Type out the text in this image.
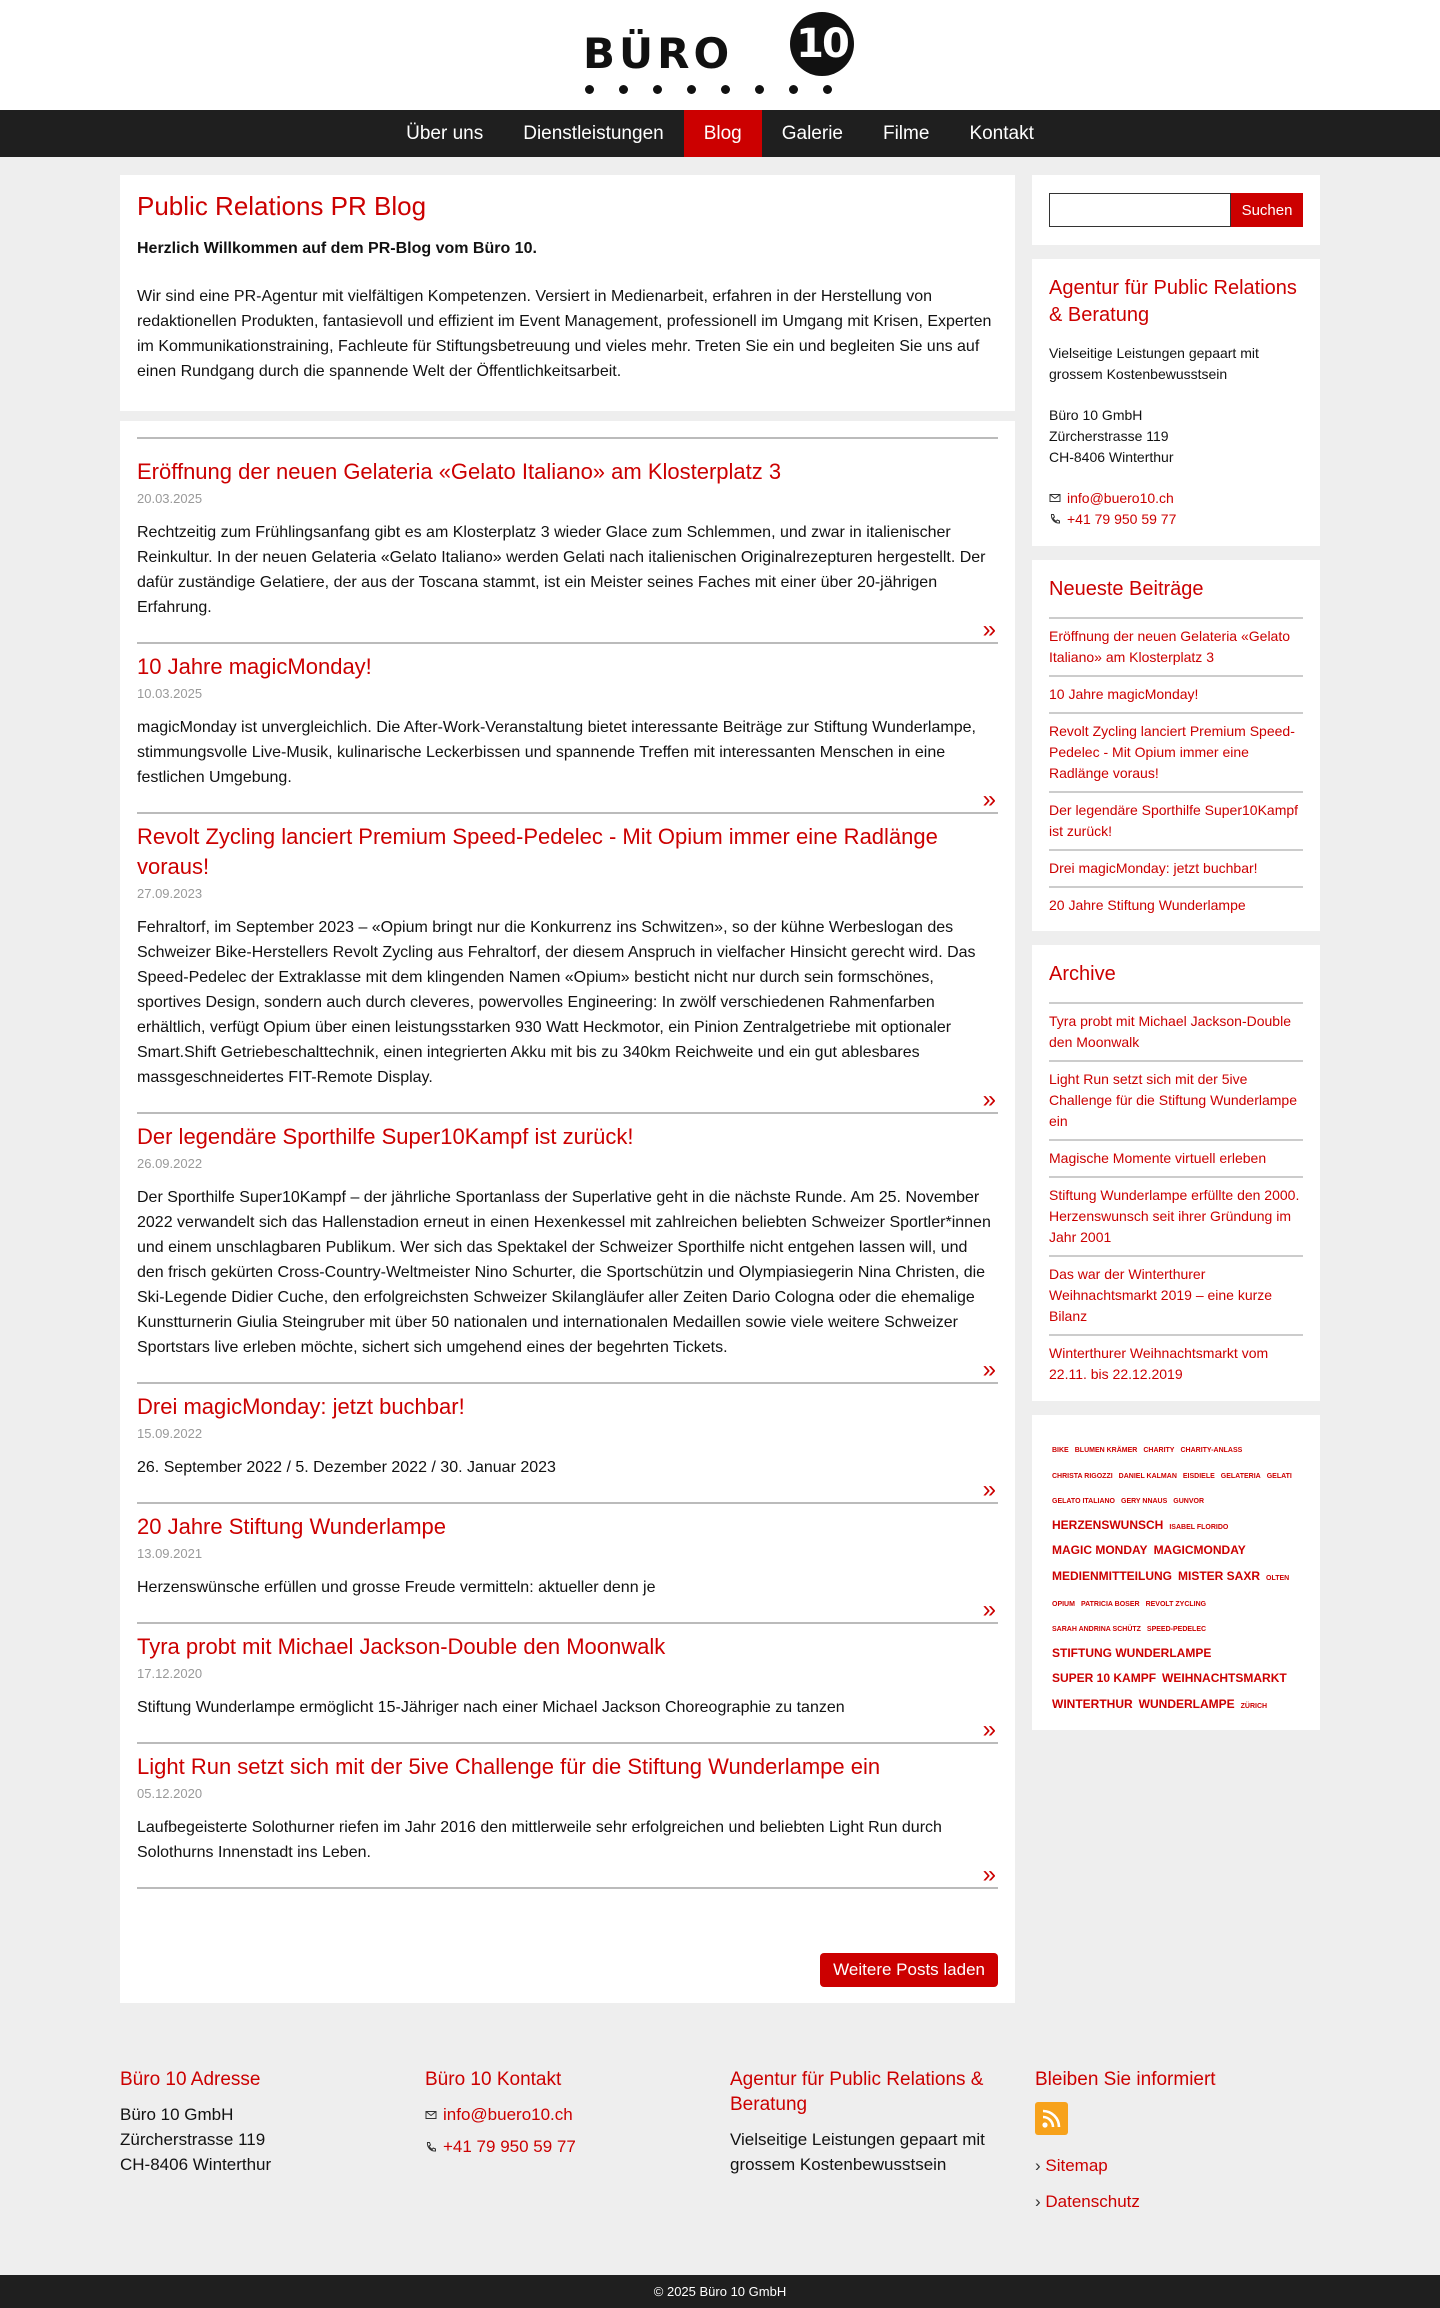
BÜRO 10
Über uns	Dienstleistungen	Blog	Galerie	Filme	Kontakt
Public Relations PR Blog

Herzlich Willkommen auf dem PR-Blog vom Büro 10.

Wir sind eine PR-Agentur mit vielfältigen Kompetenzen. Versiert in Medienarbeit, erfahren in der Herstellung von redaktionellen Produkten, fantasievoll und effizient im Event Management, professionell im Umgang mit Krisen, Experten im Kommunikationstraining, Fachleute für Stiftungsbetreuung und vieles mehr. Treten Sie ein und begleiten Sie uns auf einen Rundgang durch die spannende Welt der Öffentlichkeitsarbeit.

Eröffnung der neuen Gelateria «Gelato Italiano» am Klosterplatz 3
20.03.2025

Rechtzeitig zum Frühlingsanfang gibt es am Klosterplatz 3 wieder Glace zum Schlemmen, und zwar in italienischer Reinkultur. In der neuen Gelateria «Gelato Italiano» werden Gelati nach italienischen Originalrezepturen hergestellt. Der dafür zuständige Gelatiere, der aus der Toscana stammt, ist ein Meister seines Faches mit einer über 20-jährigen Erfahrung.

»
10 Jahre magicMonday!
10.03.2025

magicMonday ist unvergleichlich. Die After-Work-Veranstaltung bietet interessante Beiträge zur Stiftung Wunderlampe, stimmungsvolle Live-Musik, kulinarische Leckerbissen und spannende Treffen mit interessanten Menschen in eine festlichen Umgebung.

»
Revolt Zycling lanciert Premium Speed-Pedelec - Mit Opium immer eine Radlänge voraus!
27.09.2023

Fehraltorf, im September 2023 – «Opium bringt nur die Konkurrenz ins Schwitzen», so der kühne Werbeslogan des Schweizer Bike-Herstellers Revolt Zycling aus Fehraltorf, der diesem Anspruch in vielfacher Hinsicht gerecht wird. Das Speed-Pedelec der Extraklasse mit dem klingenden Namen «Opium» besticht nicht nur durch sein formschönes, sportives Design, sondern auch durch cleveres, powervolles Engineering: In zwölf verschiedenen Rahmenfarben erhältlich, verfügt Opium über einen leistungsstarken 930 Watt Heckmotor, ein Pinion Zentralgetriebe mit optionaler Smart.Shift Getriebeschalttechnik, einen integrierten Akku mit bis zu 340km Reichweite und ein gut ablesbares massgeschneidertes FIT-Remote Display.

»
Der legendäre Sporthilfe Super10Kampf ist zurück!
26.09.2022

Der Sporthilfe Super10Kampf – der jährliche Sportanlass der Superlative geht in die nächste Runde. Am 25. November 2022 verwandelt sich das Hallenstadion erneut in einen Hexenkessel mit zahlreichen beliebten Schweizer Sportler*innen und einem unschlagbaren Publikum. Wer sich das Spektakel der Schweizer Sporthilfe nicht entgehen lassen will, und den frisch gekürten Cross-Country-Weltmeister Nino Schurter, die Sportschützin und Olympiasiegerin Nina Christen, die Ski-Legende Didier Cuche, den erfolgreichsten Schweizer Skilangläufer aller Zeiten Dario Cologna oder die ehemalige Kunstturnerin Giulia Steingruber mit über 50 nationalen und internationalen Medaillen sowie viele weitere Schweizer Sportstars live erleben möchte, sichert sich umgehend eines der begehrten Tickets.

»
Drei magicMonday: jetzt buchbar!
15.09.2022

26. September 2022 / 5. Dezember 2022 / 30. Januar 2023

»
20 Jahre Stiftung Wunderlampe
13.09.2021

Herzenswünsche erfüllen und grosse Freude vermitteln: aktueller denn je

»
Tyra probt mit Michael Jackson-Double den Moonwalk
17.12.2020

Stiftung Wunderlampe ermöglicht 15-Jähriger nach einer Michael Jackson Choreographie zu tanzen

»
Light Run setzt sich mit der 5ive Challenge für die Stiftung Wunderlampe ein
05.12.2020

Laufbegeisterte Solothurner riefen im Jahr 2016 den mittlerweile sehr erfolgreichen und beliebten Light Run durch Solothurns Innenstadt ins Leben.

»
Weitere Posts laden
Suchen
Agentur für Public Relations & Beratung

Vielseitige Leistungen gepaart mit grossem Kostenbewusstsein

Büro 10 GmbH
Zürcherstrasse 119
CH-8406 Winterthur
info@buero10.ch
+41 79 950 59 77
Neueste Beiträge
Eröffnung der neuen Gelateria «Gelato Italiano» am Klosterplatz 3
10 Jahre magicMonday!
Revolt Zycling lanciert Premium Speed-Pedelec - Mit Opium immer eine Radlänge voraus!
Der legendäre Sporthilfe Super10Kampf ist zurück!
Drei magicMonday: jetzt buchbar!
20 Jahre Stiftung Wunderlampe
Archive
Tyra probt mit Michael Jackson-Double den Moonwalk
Light Run setzt sich mit der 5ive Challenge für die Stiftung Wunderlampe ein
Magische Momente virtuell erleben
Stiftung Wunderlampe erfüllte den 2000. Herzenswunsch seit ihrer Gründung im Jahr 2001
Das war der Winterthurer Weihnachtsmarkt 2019 – eine kurze Bilanz
Winterthurer Weihnachtsmarkt vom 22.11. bis 22.12.2019
BIKE BLUMEN KRÄMER CHARITY CHARITY-ANLASSCHRISTA RIGOZZI DANIEL KALMAN EISDIELE GELATERIA GELATIGELATO ITALIANO GERY NNAUS GUNVORHERZENSWUNSCH ISABEL FLORIDOMAGIC MONDAY MAGICMONDAYMEDIENMITTEILUNG MISTER SAXR OLTENOPIUM PATRICIA BOSER REVOLT ZYCLINGSARAH ANDRINA SCHÜTZ SPEED-PEDELECSTIFTUNG WUNDERLAMPESUPER 10 KAMPF WEIHNACHTSMARKTWINTERTHUR WUNDERLAMPE ZÜRICH
Büro 10 Adresse
Büro 10 GmbH
Zürcherstrasse 119
CH-8406 Winterthur
Büro 10 Kontakt
info@buero10.ch
+41 79 950 59 77
Agentur für Public Relations & Beratung
Vielseitige Leistungen gepaart mit grossem Kostenbewusstsein
Bleiben Sie informiert
› Sitemap
› Datenschutz
© 2025 Büro 10 GmbH
